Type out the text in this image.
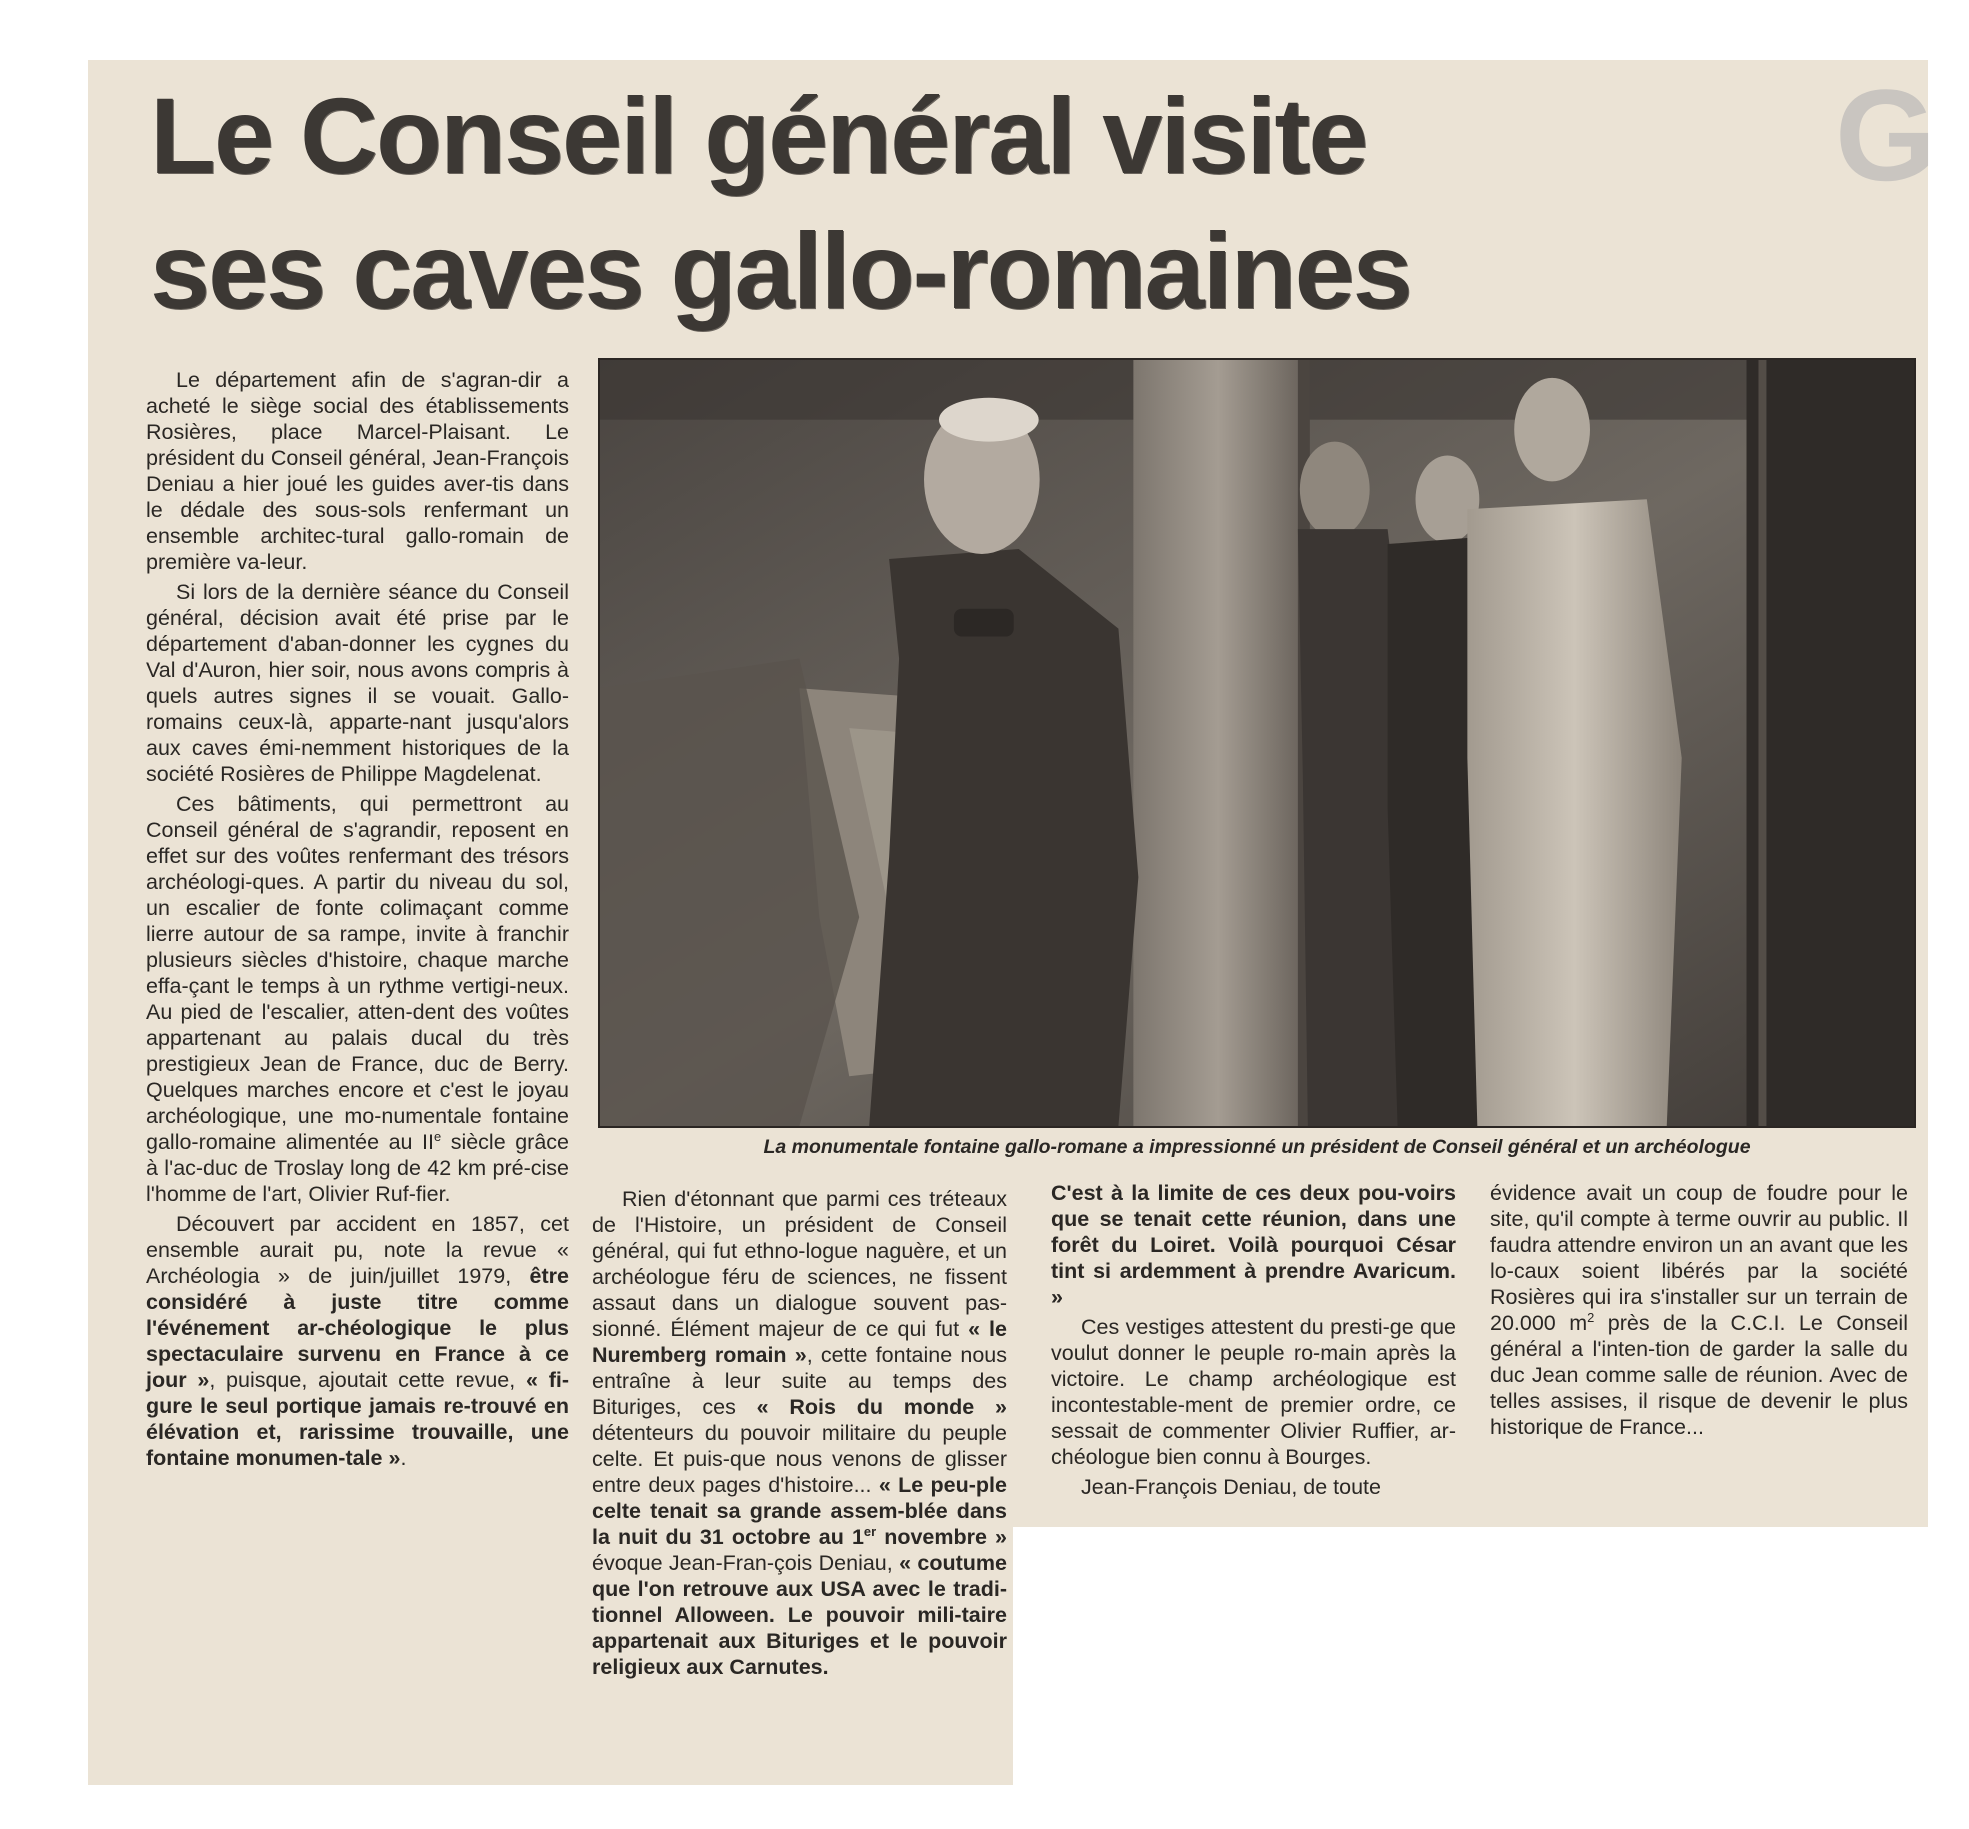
G
Le Conseil général visite
ses caves gallo-romaines

Le département afin de s'agran-dir a acheté le siège social des établissements Rosières, place Marcel-Plaisant. Le président du Conseil général, Jean-François Deniau a hier joué les guides aver-tis dans le dédale des sous-sols renfermant un ensemble architec-tural gallo-romain de première va-leur.

Si lors de la dernière séance du Conseil général, décision avait été prise par le département d'aban-donner les cygnes du Val d'Auron, hier soir, nous avons compris à quels autres signes il se vouait. Gallo-romains ceux-là, apparte-nant jusqu'alors aux caves émi-nemment historiques de la société Rosières de Philippe Magdelenat.

Ces bâtiments, qui permettront au Conseil général de s'agrandir, reposent en effet sur des voûtes renfermant des trésors archéologi-ques. A partir du niveau du sol, un escalier de fonte colimaçant comme lierre autour de sa rampe, invite à franchir plusieurs siècles d'histoire, chaque marche effa-çant le temps à un rythme vertigi-neux. Au pied de l'escalier, atten-dent des voûtes appartenant au palais ducal du très prestigieux Jean de France, duc de Berry. Quelques marches encore et c'est le joyau archéologique, une mo-numentale fontaine gallo-romaine alimentée au IIe siècle grâce à l'ac-duc de Troslay long de 42 km pré-cise l'homme de l'art, Olivier Ruf-fier.

Découvert par accident en 1857, cet ensemble aurait pu, note la revue « Archéologia » de juin/juillet 1979, être considéré à juste titre comme l'événement ar-chéologique le plus spectaculaire survenu en France à ce jour », puisque, ajoutait cette revue, « fi-gure le seul portique jamais re-trouvé en élévation et, rarissime trouvaille, une fontaine monumen-tale ».

La monumentale fontaine gallo-romane a impressionné un président de Conseil général et un archéologue

Rien d'étonnant que parmi ces tréteaux de l'Histoire, un président de Conseil général, qui fut ethno-logue naguère, et un archéologue féru de sciences, ne fissent assaut dans un dialogue souvent pas-sionné. Élément majeur de ce qui fut « le Nuremberg romain », cette fontaine nous entraîne à leur suite au temps des Bituriges, ces « Rois du monde » détenteurs du pouvoir militaire du peuple celte. Et puis-que nous venons de glisser entre deux pages d'histoire... « Le peu-ple celte tenait sa grande assem-blée dans la nuit du 31 octobre au 1er novembre » évoque Jean-Fran-çois Deniau, « coutume que l'on retrouve aux USA avec le tradi-tionnel Alloween. Le pouvoir mili-taire appartenait aux Bituriges et le pouvoir religieux aux Carnutes.

C'est à la limite de ces deux pou-voirs que se tenait cette réunion, dans une forêt du Loiret. Voilà pourquoi César tint si ardemment à prendre Avaricum. »

Ces vestiges attestent du presti-ge que voulut donner le peuple ro-main après la victoire. Le champ archéologique est incontestable-ment de premier ordre, ce sessait de commenter Olivier Ruffier, ar-chéologue bien connu à Bourges.

Jean-François Deniau, de toute

évidence avait un coup de foudre pour le site, qu'il compte à terme ouvrir au public. Il faudra attendre environ un an avant que les lo-caux soient libérés par la société Rosières qui ira s'installer sur un terrain de 20.000 $m^2$ près de la C.C.I. Le Conseil général a l'inten-tion de garder la salle du duc Jean comme salle de réunion. Avec de telles assises, il risque de devenir le plus historique de France...
